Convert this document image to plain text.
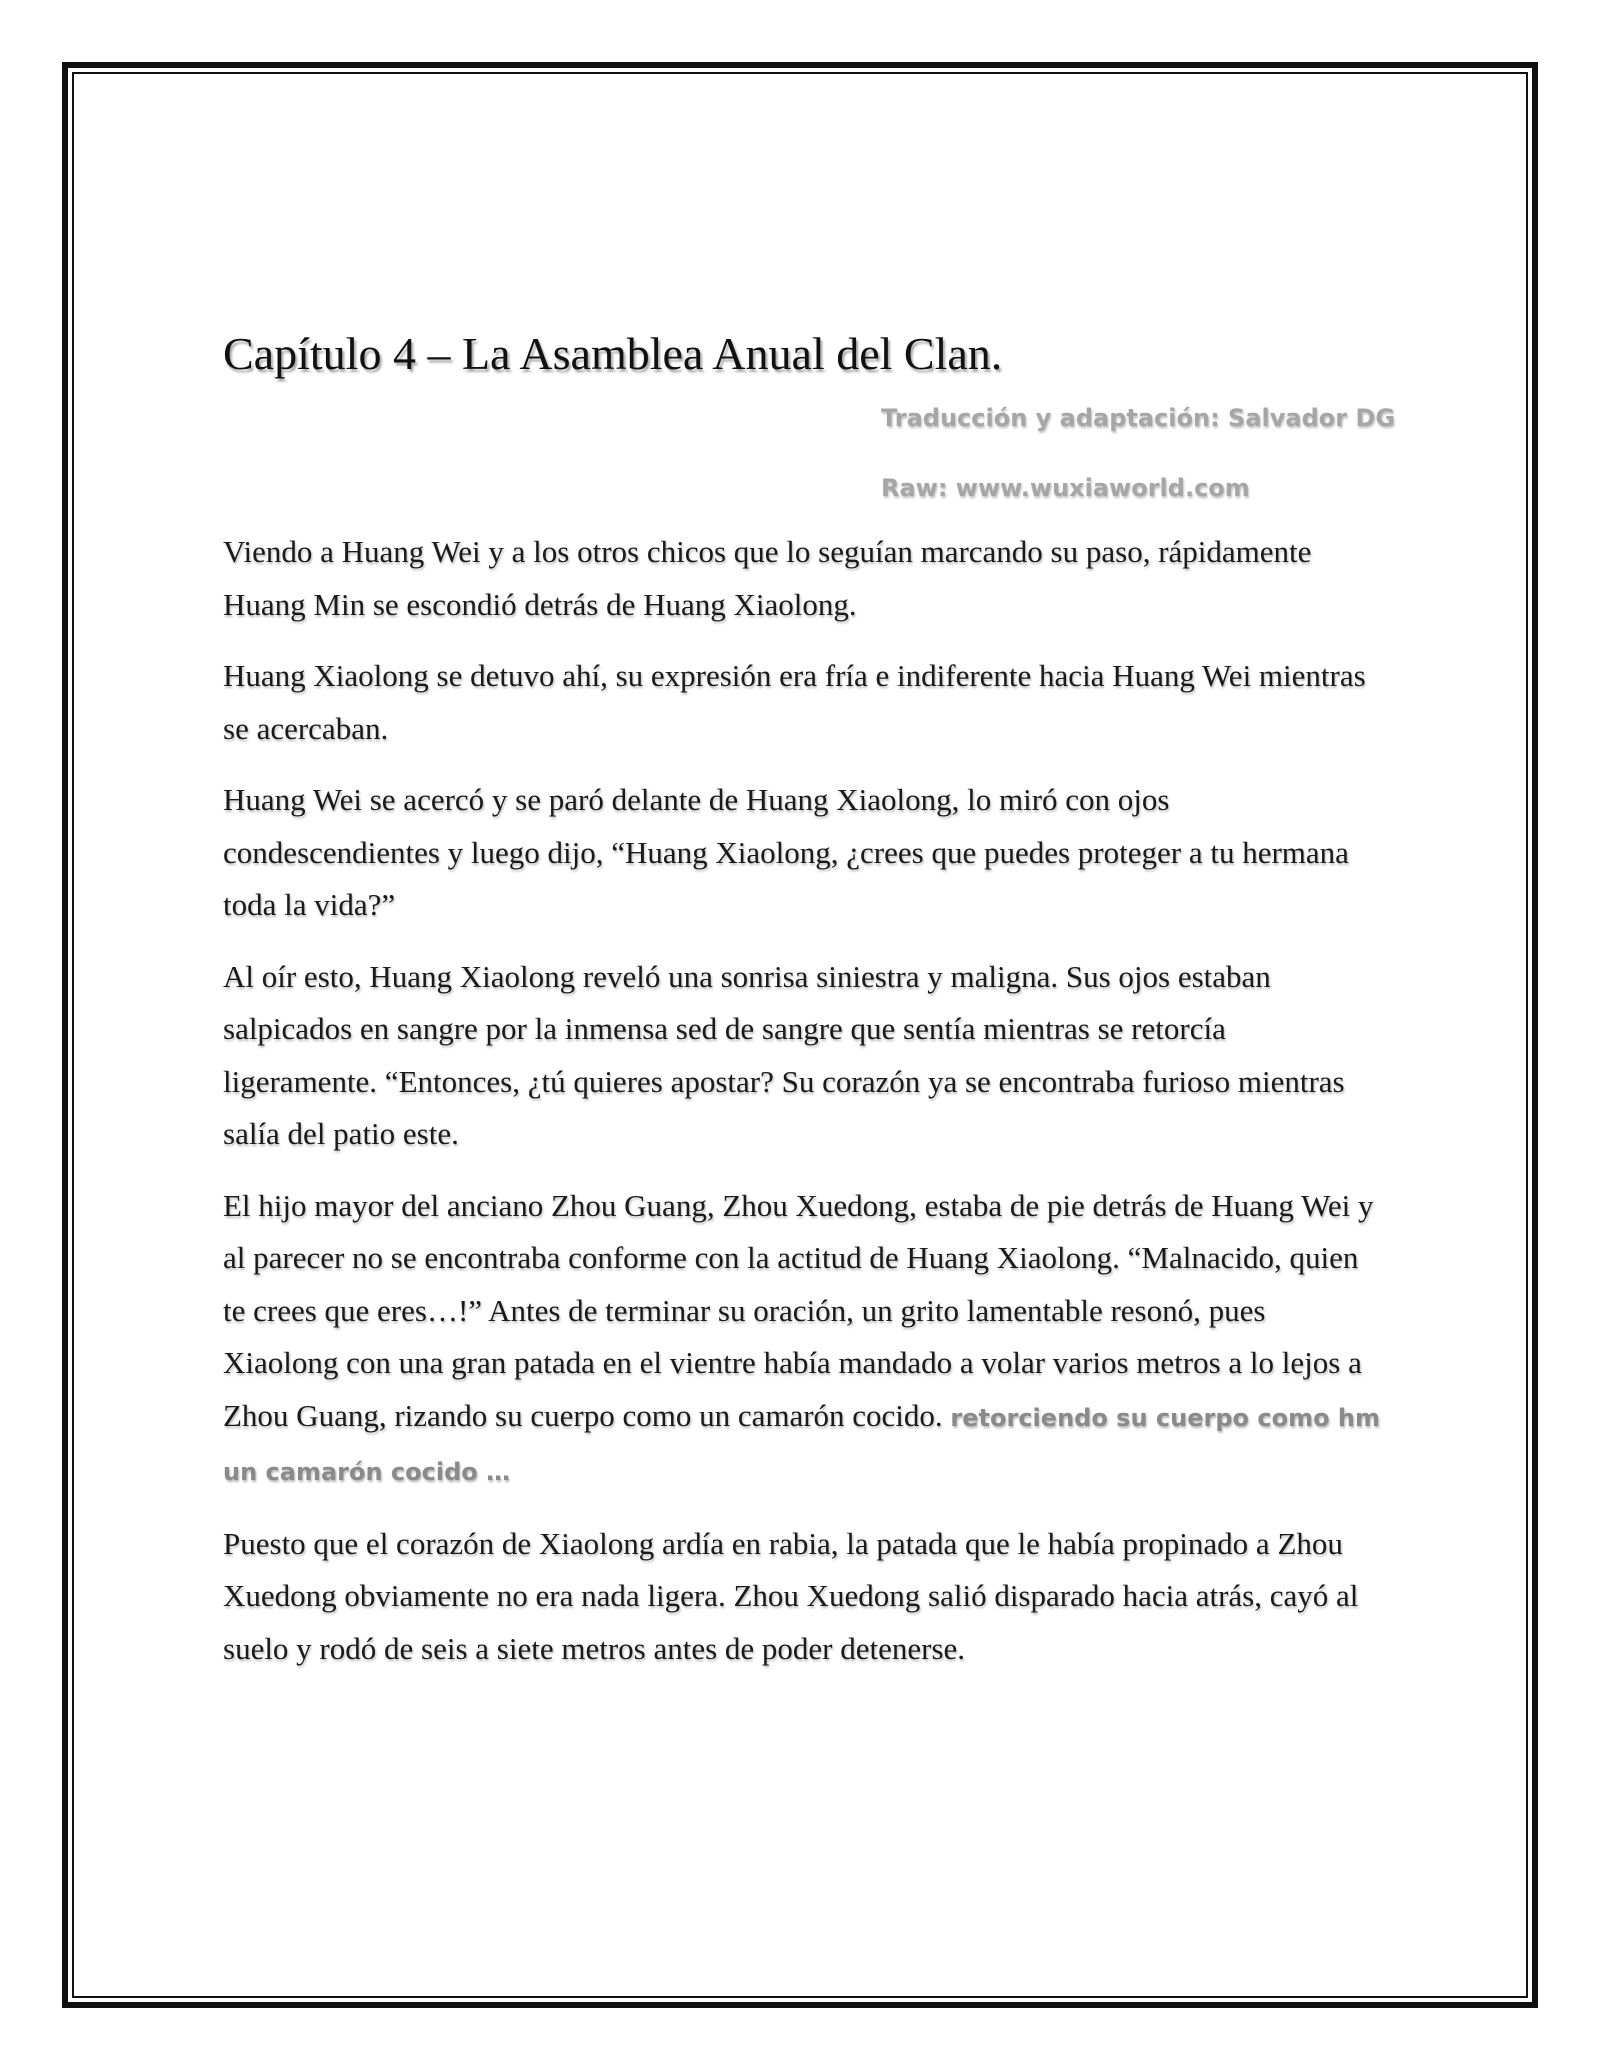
Capítulo 4 – La Asamblea Anual del Clan.
Traducción y adaptación: Salvador DG
Raw: www.wuxiaworld.com

Viendo a Huang Wei y a los otros chicos que lo seguían marcando su paso, rápidamente Huang Min se escondió detrás de Huang Xiaolong.

Huang Xiaolong se detuvo ahí, su expresión era fría e indiferente hacia Huang Wei mientras se acercaban.

Huang Wei se acercó y se paró delante de Huang Xiaolong, lo miró con ojos condescendientes y luego dijo, “Huang Xiaolong, ¿crees que puedes proteger a tu hermana toda la vida?”

Al oír esto, Huang Xiaolong reveló una sonrisa siniestra y maligna. Sus ojos estaban salpicados en sangre por la inmensa sed de sangre que sentía mientras se retorcía ligeramente. “Entonces, ¿tú quieres apostar? Su corazón ya se encontraba furioso mientras salía del patio este.

El hijo mayor del anciano Zhou Guang, Zhou Xuedong, estaba de pie detrás de Huang Wei y al parecer no se encontraba conforme con la actitud de Huang Xiaolong. “Malnacido, quien te crees que eres…!” Antes de terminar su oración, un grito lamentable resonó, pues Xiaolong con una gran patada en el vientre había mandado a volar varios metros a lo lejos a Zhou Guang, rizando su cuerpo como un camarón cocido. retorciendo su cuerpo como hm un camarón cocido …

Puesto que el corazón de Xiaolong ardía en rabia, la patada que le había propinado a Zhou Xuedong obviamente no era nada ligera. Zhou Xuedong salió disparado hacia atrás, cayó al suelo y rodó de seis a siete metros antes de poder detenerse.
